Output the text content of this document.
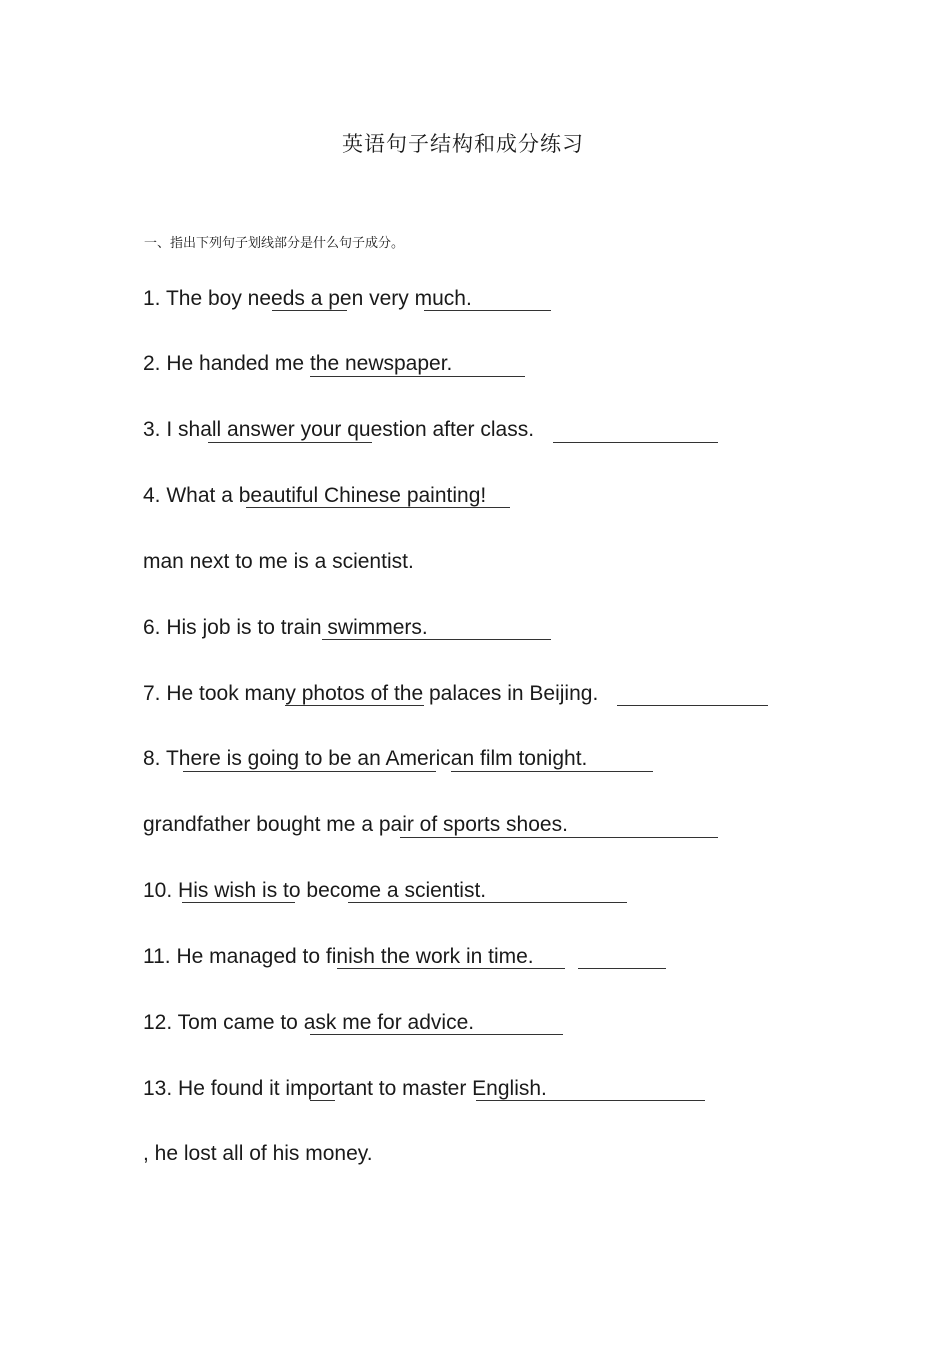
英语句子结构和成分练习
一、指出下列句子划线部分是什么句子成分。
1. The boy needs a pen very much.
2. He handed me the newspaper.
3. I shall answer your question after class.
4. What a beautiful Chinese painting!
man next to me is a scientist.
6. His job is to train swimmers.
7. He took many photos of the palaces in Beijing.
8. There is going to be an American film tonight.
grandfather bought me a pair of sports shoes.
10. His wish is to become a scientist.
11. He managed to finish the work in time.
12. Tom came to ask me for advice.
13. He found it important to master English.
, he lost all of his money.
